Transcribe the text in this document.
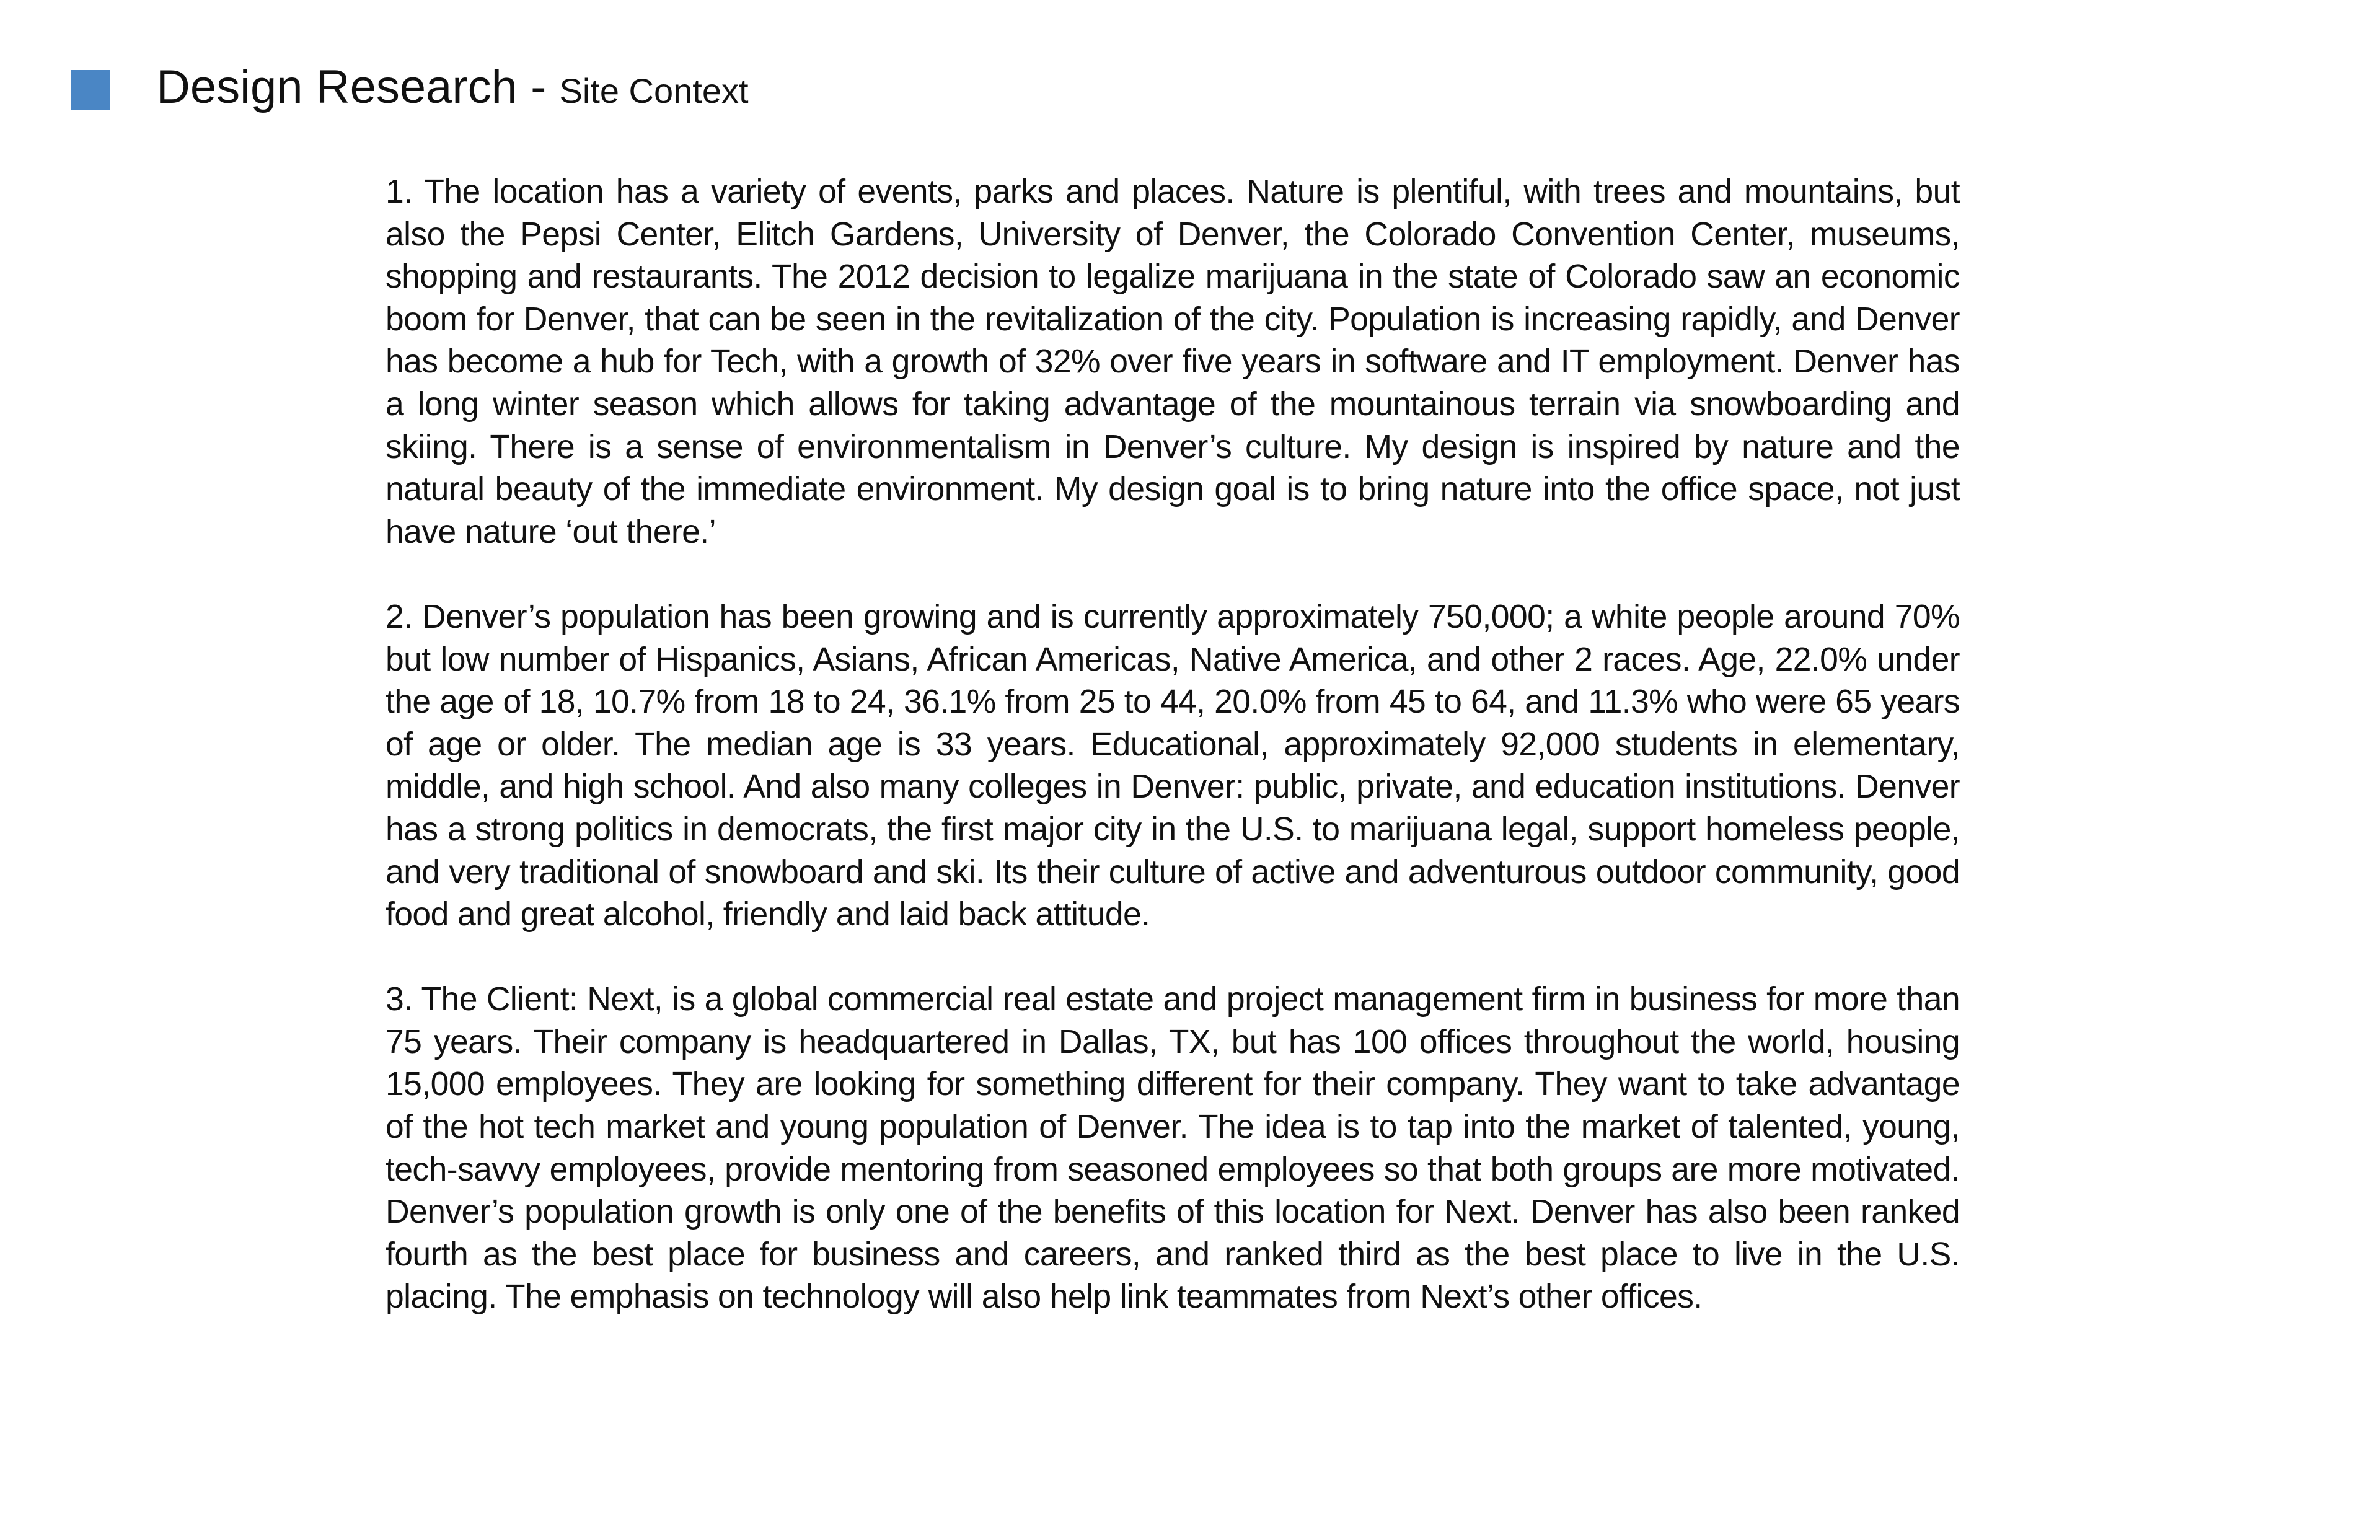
Design Research - Site Context

1. The location has a variety of events, parks and places. Nature is plentiful, with trees and mountains, but also the Pepsi Center, Elitch Gardens, University of Denver, the Colorado Convention Center, museums, shopping and restaurants. The 2012 decision to legalize marijuana in the state of Colorado saw an economic boom for Denver, that can be seen in the revitalization of the city. Population is increasing rapidly, and Denver has become a hub for Tech, with a growth of 32% over five years in software and IT employment. Denver has a long winter season which allows for taking advantage of the mountainous terrain via snowboarding and skiing. There is a sense of environmentalism in Denver’s culture. My design is inspired by nature and the natural beauty of the immediate environment. My design goal is to bring nature into the office space, not just have nature ‘out there.’

2. Denver’s population has been growing and is currently approximately 750,000; a white people around 70% but low number of Hispanics, Asians, African Americas, Native America, and other 2 races. Age, 22.0% under the age of 18, 10.7% from 18 to 24, 36.1% from 25 to 44, 20.0% from 45 to 64, and 11.3% who were 65 years of age or older. The median age is 33 years. Educational, approximately 92,000 students in elementary, middle, and high school. And also many colleges in Denver: public, private, and education institutions. Denver has a strong politics in democrats, the first major city in the U.S. to marijuana legal, support homeless people, and very traditional of snowboard and ski. Its their culture of active and adventurous outdoor community, good food and great alcohol, friendly and laid back attitude.

3. The Client: Next, is a global commercial real estate and project management firm in business for more than 75 years. Their company is headquartered in Dallas, TX, but has 100 offices throughout the world, housing 15,000 employees. They are looking for something different for their company. They want to take advantage of the hot tech market and young population of Denver. The idea is to tap into the market of talented, young, tech-savvy employees, provide mentoring from seasoned employees so that both groups are more motivated. Denver’s population growth is only one of the benefits of this location for Next. Denver has also been ranked fourth as the best place for business and careers, and ranked third as the best place to live in the U.S. placing. The emphasis on technology will also help link teammates from Next’s other offices.
